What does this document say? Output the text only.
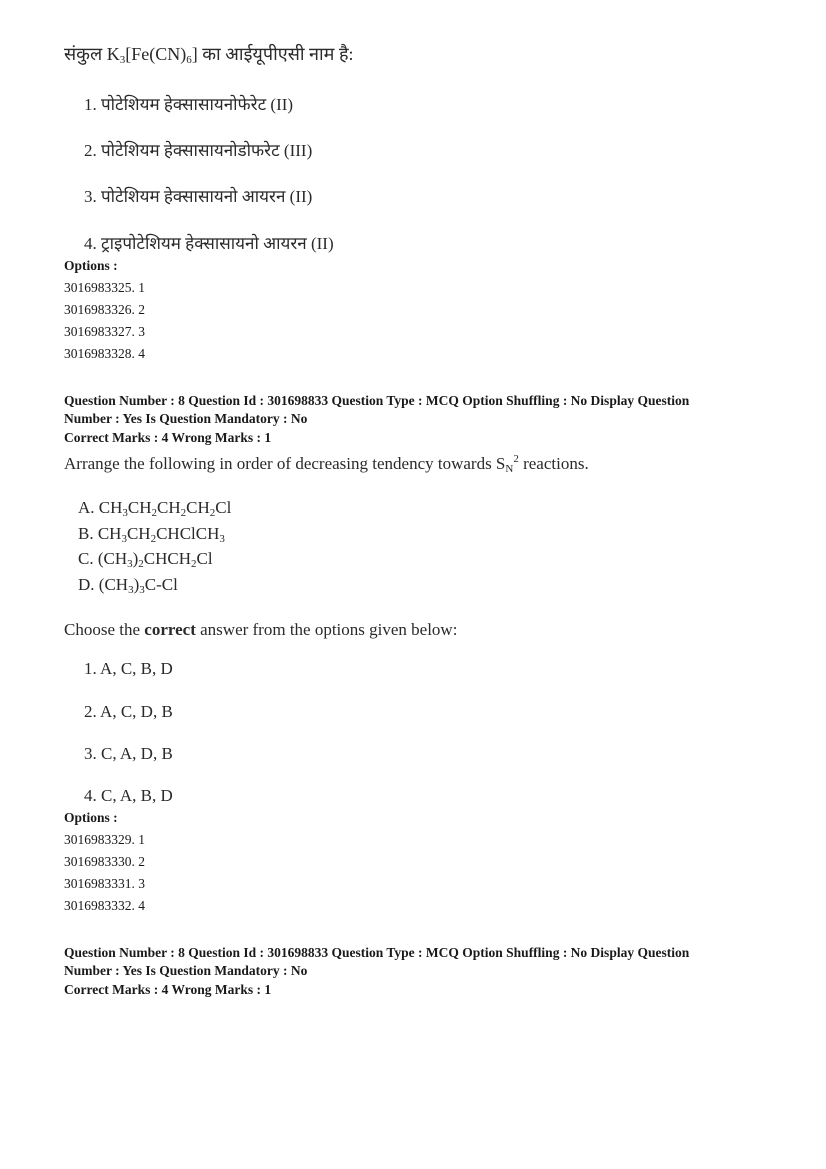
संकुल $K_3[Fe(CN)_6]$ का आईयूपीएसी नाम है:
1. पोटेशियम हेक्सासायनोफेरेट (II)
2. पोटेशियम हेक्सासायनोडोफरेट (III)
3. पोटेशियम हेक्सासायनो आयरन (II)
4. ट्राइपोटेशियम हेक्सासायनो आयरन (II)
Options :
3016983325. 1
3016983326. 2
3016983327. 3
3016983328. 4
Question Number : 8 Question Id : 301698833 Question Type : MCQ Option Shuffling : No Display Question
Number : Yes Is Question Mandatory : No
Correct Marks : 4 Wrong Marks : 1
Arrange the following in order of decreasing tendency towards $S_N^2$ reactions.
A. $CH_3CH_2CH_2CH_2Cl$
B. $CH_3CH_2CHClCH_3$
C. $(CH_3)_2CHCH_2Cl$
D. $(CH_3)_3C-Cl$
Choose the correct answer from the options given below:
1. A, C, B, D
2. A, C, D, B
3. C, A, D, B
4. C, A, B, D
Options :
3016983329. 1
3016983330. 2
3016983331. 3
3016983332. 4
Question Number : 8 Question Id : 301698833 Question Type : MCQ Option Shuffling : No Display Question
Number : Yes Is Question Mandatory : No
Correct Marks : 4 Wrong Marks : 1
